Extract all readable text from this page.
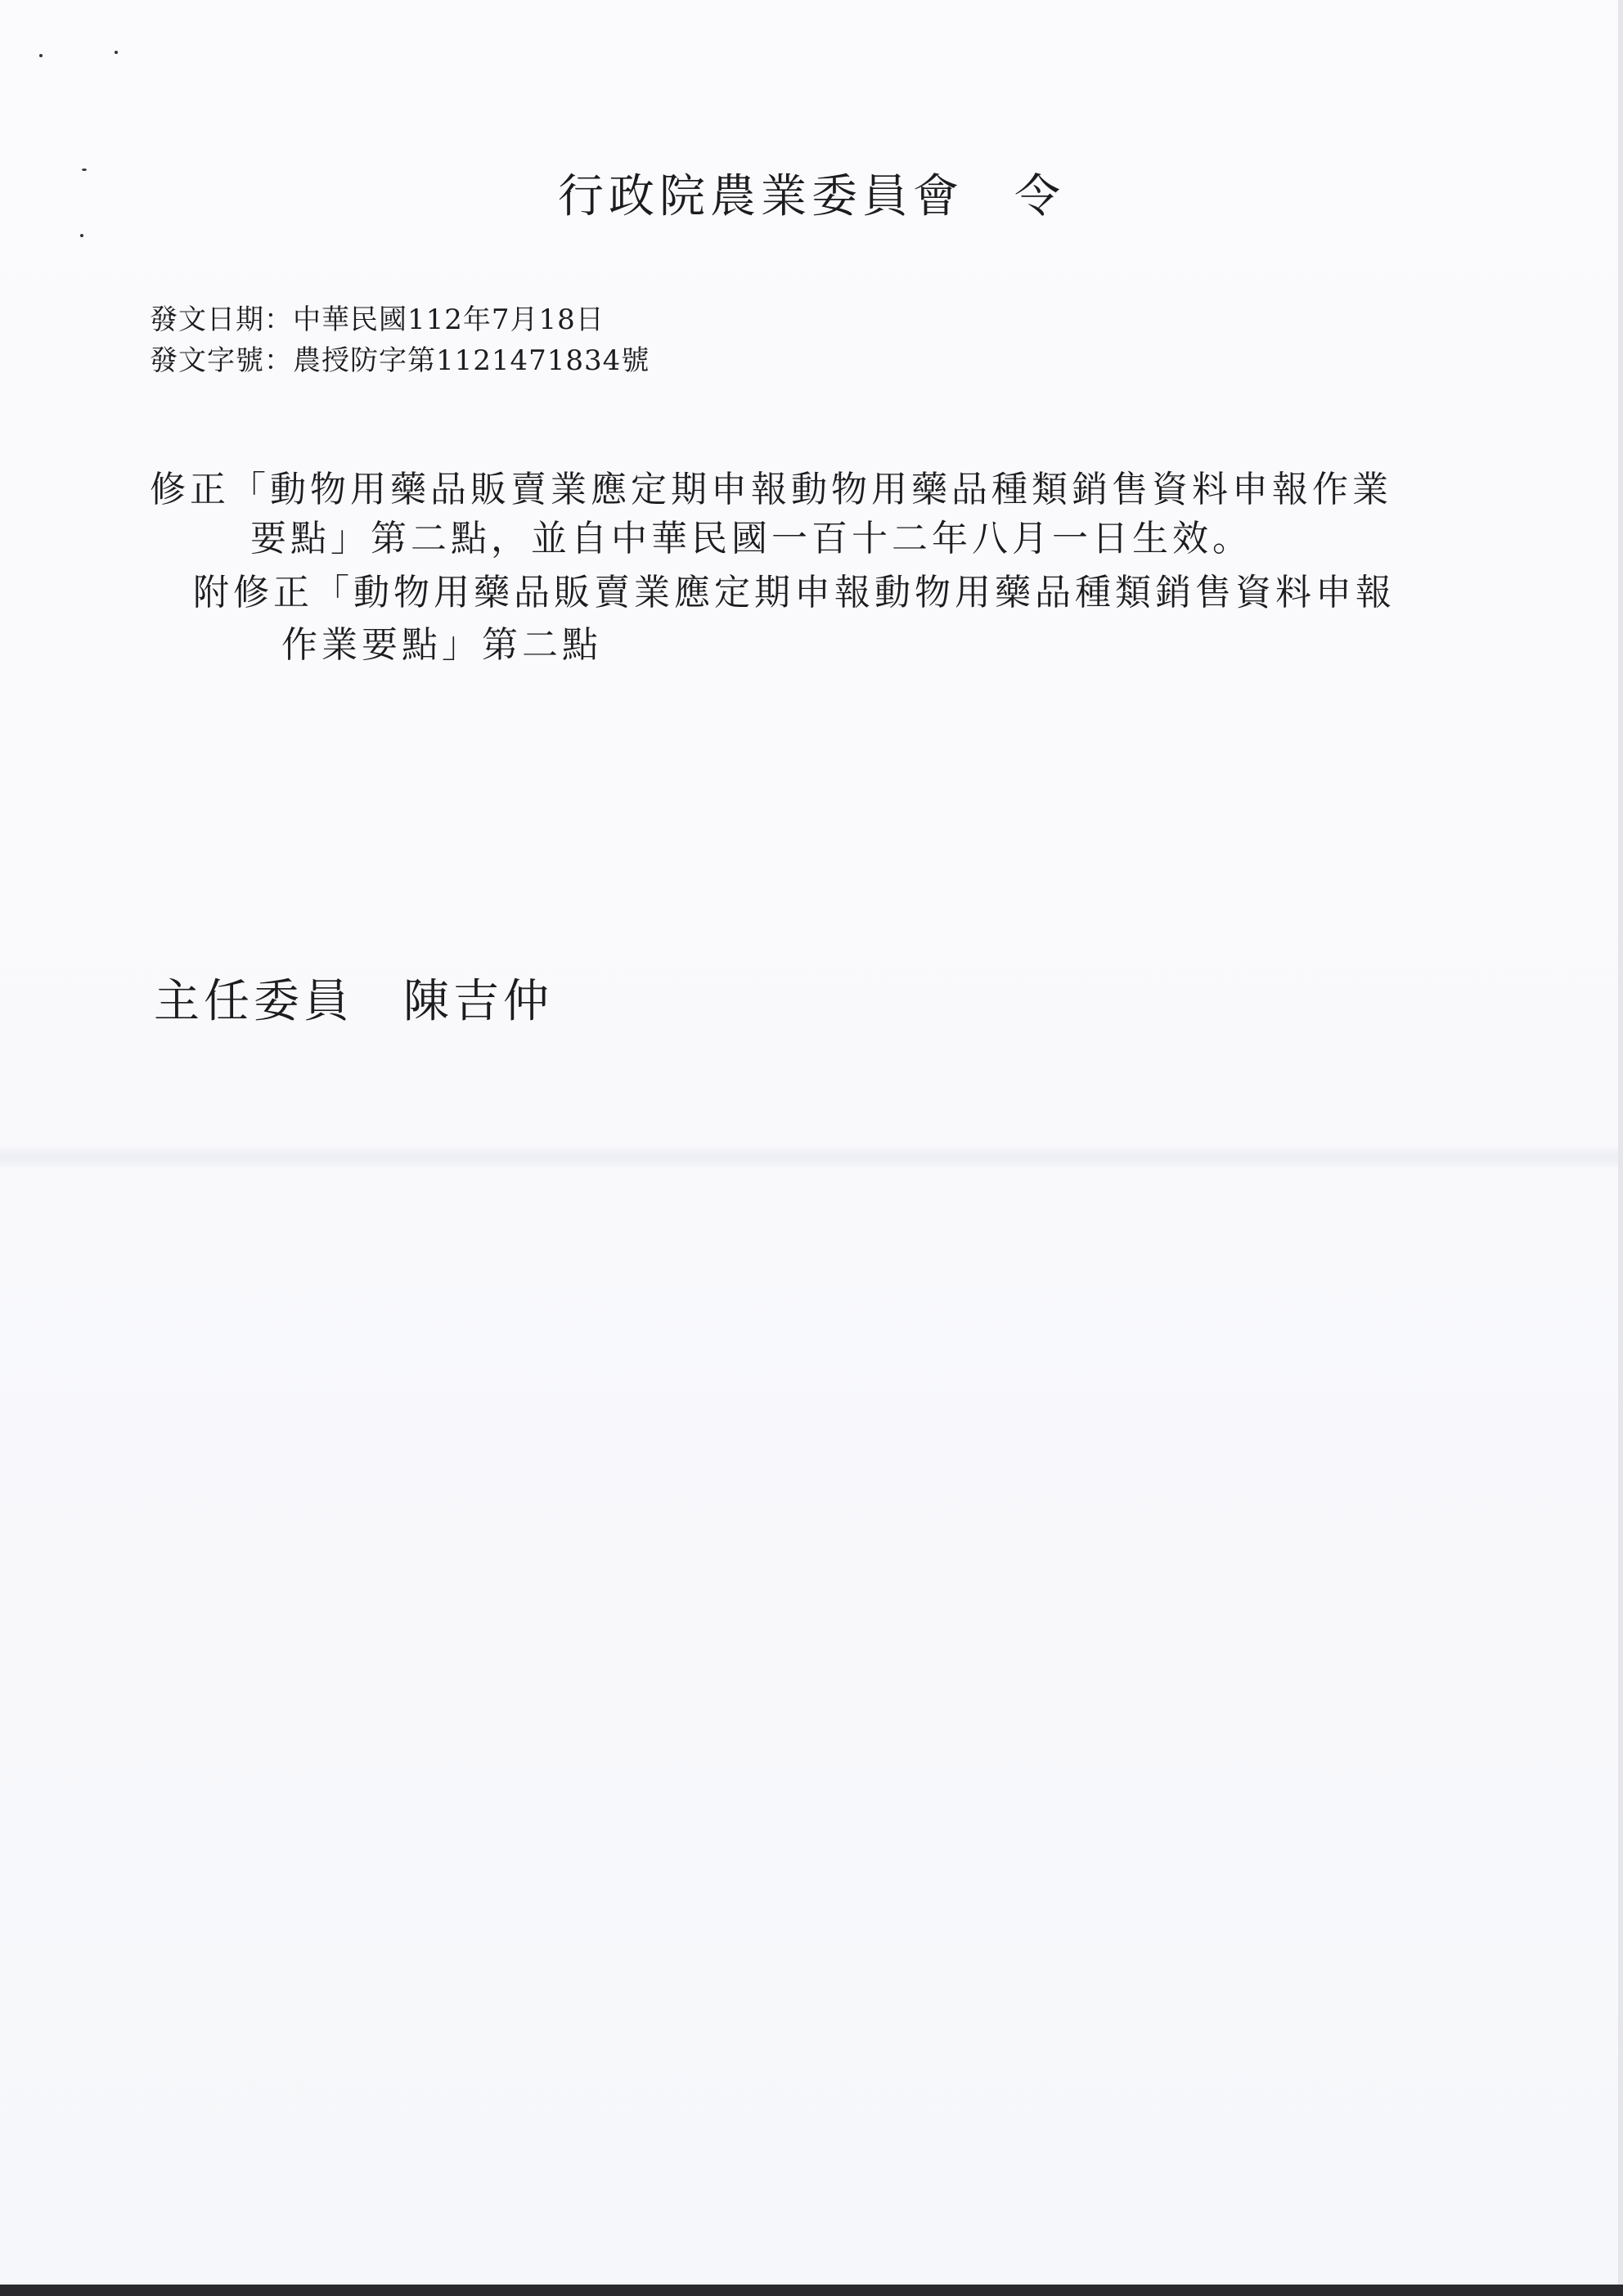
行政院農業委員會　令
發文日期：中華民國112年7月18日
發文字號：農授防字第1121471834號
修正「動物用藥品販賣業應定期申報動物用藥品種類銷售資料申報作業
要點」第二點，並自中華民國一百十二年八月一日生效。
附修正「動物用藥品販賣業應定期申報動物用藥品種類銷售資料申報
作業要點」第二點
主任委員　陳吉仲
